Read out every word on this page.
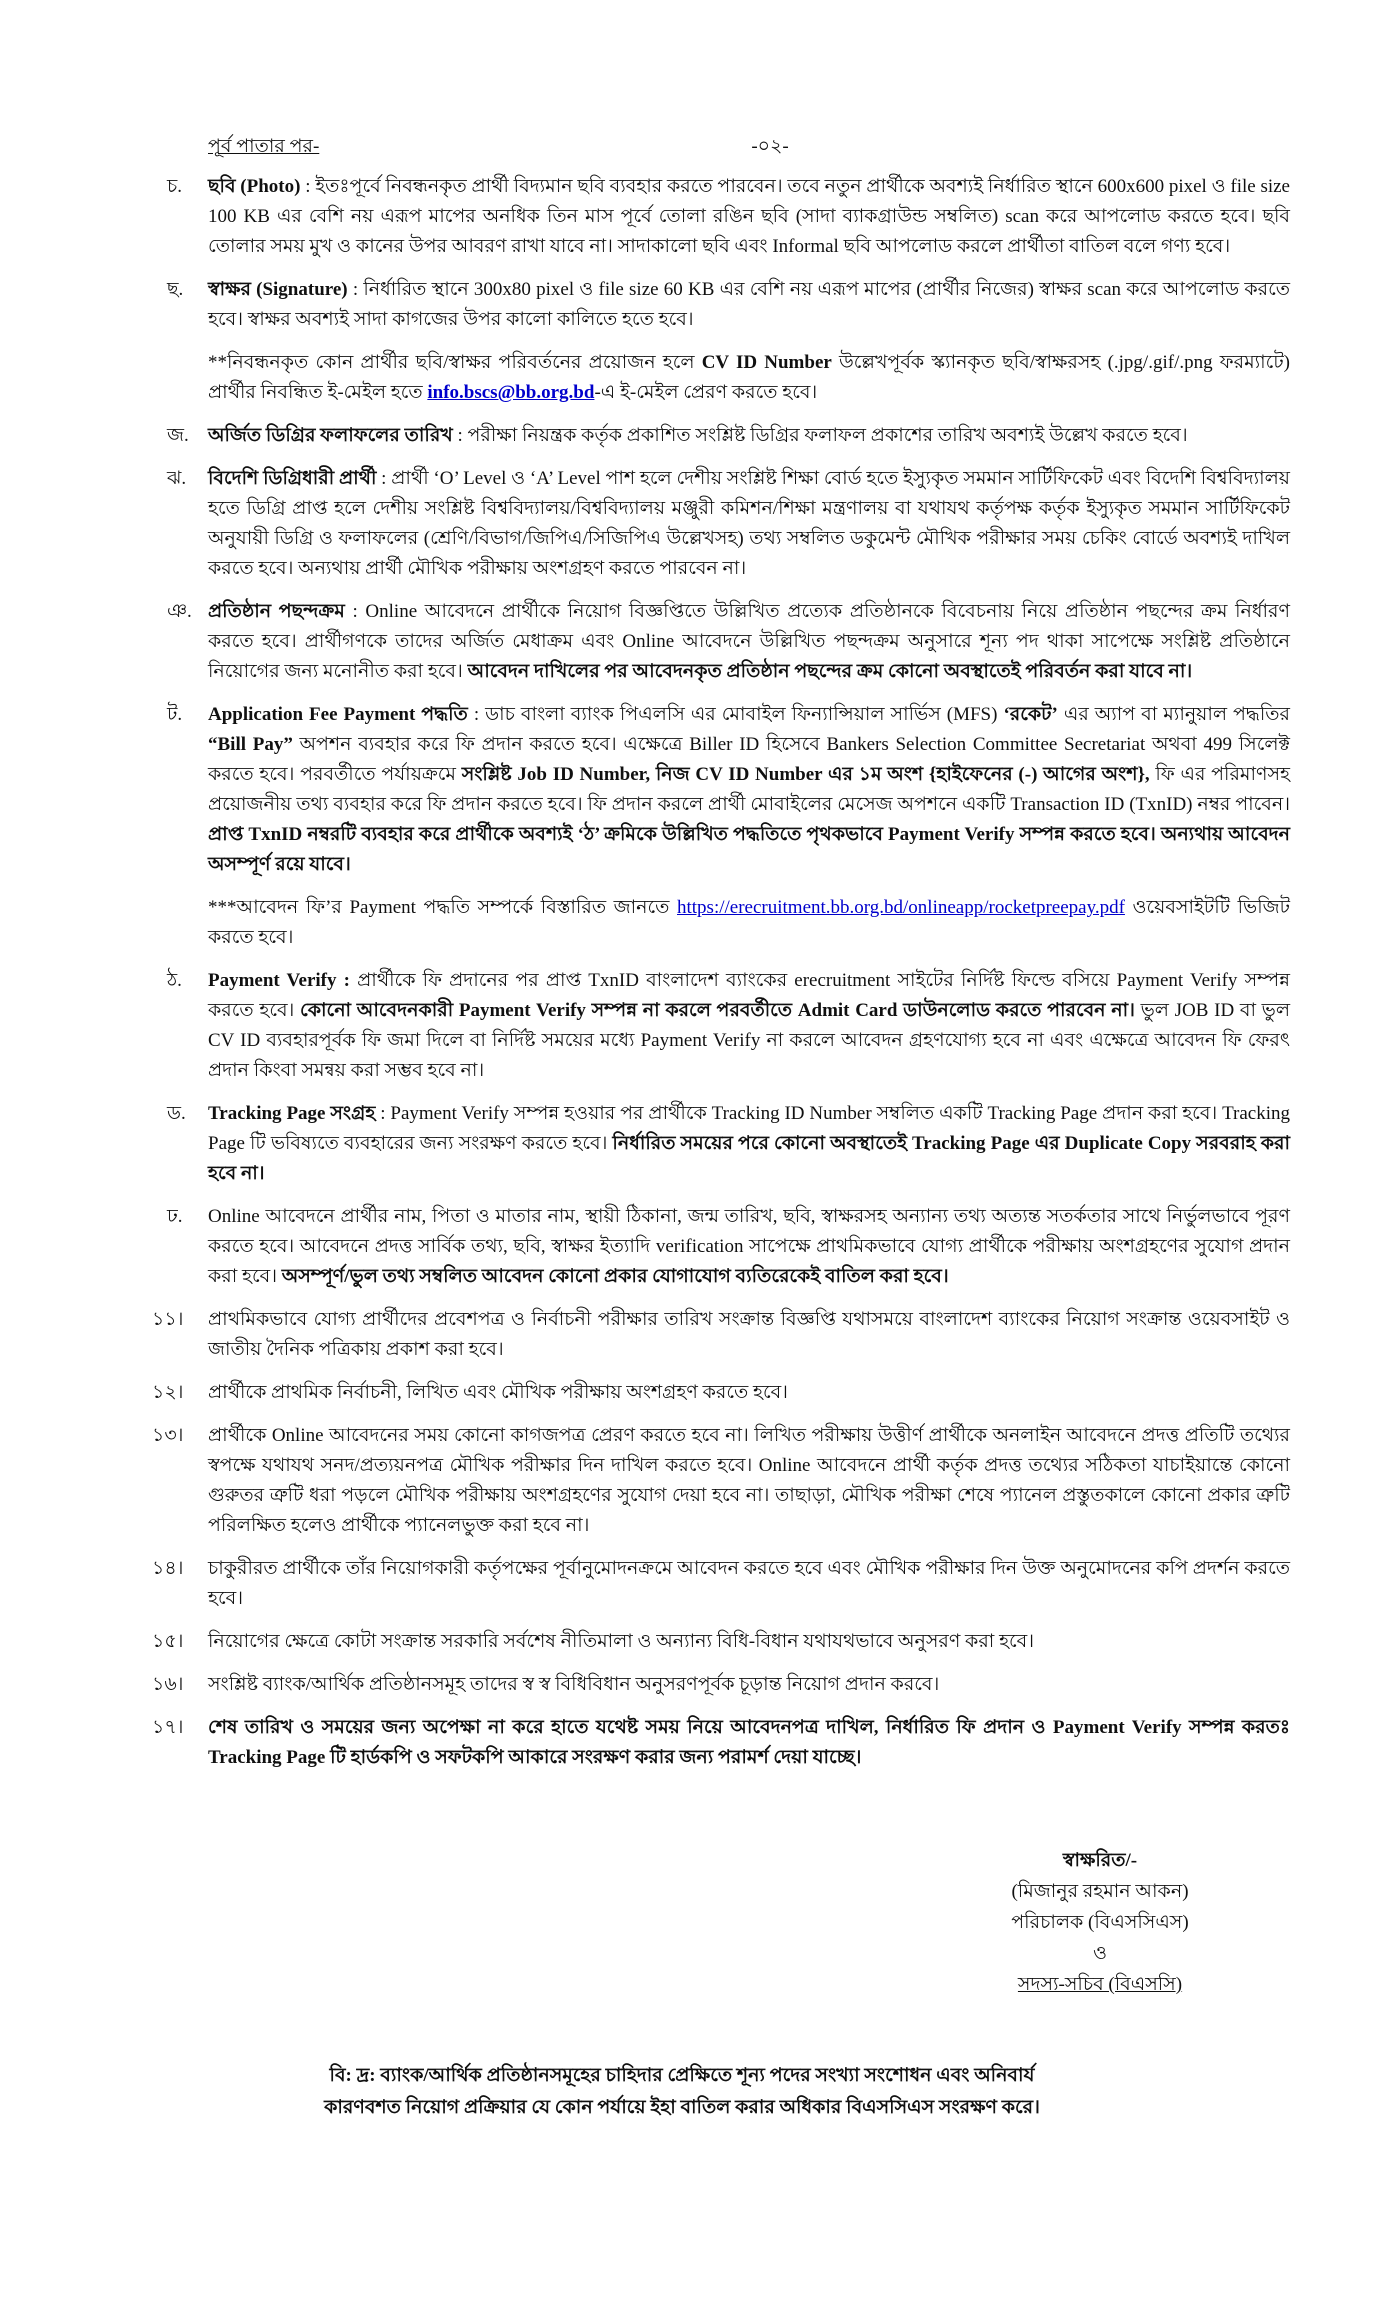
পূর্ব পাতার পর-	-০২-
চ.	ছবি (Photo) : ইতঃপূর্বে নিবন্ধনকৃত প্রার্থী বিদ্যমান ছবি ব্যবহার করতে পারবেন। তবে নতুন প্রার্থীকে অবশ্যই নির্ধারিত স্থানে 600x600 pixel ও file size 100 KB এর বেশি নয় এরূপ মাপের অনধিক তিন মাস পূর্বে তোলা রঙিন ছবি (সাদা ব্যাকগ্রাউন্ড সম্বলিত) scan করে আপলোড করতে হবে। ছবি তোলার সময় মুখ ও কানের উপর আবরণ রাখা যাবে না। সাদাকালো ছবি এবং Informal ছবি আপলোড করলে প্রার্থীতা বাতিল বলে গণ্য হবে।
ছ.	স্বাক্ষর (Signature) : নির্ধারিত স্থানে 300x80 pixel ও file size 60 KB এর বেশি নয় এরূপ মাপের (প্রার্থীর নিজের) স্বাক্ষর scan করে আপলোড করতে হবে। স্বাক্ষর অবশ্যই সাদা কাগজের উপর কালো কালিতে হতে হবে।
**নিবন্ধনকৃত কোন প্রার্থীর ছবি/স্বাক্ষর পরিবর্তনের প্রয়োজন হলে CV ID Number উল্লেখপূর্বক স্ক্যানকৃত ছবি/স্বাক্ষরসহ (.jpg/.gif/.png ফরম্যাটে) প্রার্থীর নিবন্ধিত ই-মেইল হতে info.bscs@bb.org.bd-এ ই-মেইল প্রেরণ করতে হবে।
জ.	অর্জিত ডিগ্রির ফলাফলের তারিখ : পরীক্ষা নিয়ন্ত্রক কর্তৃক প্রকাশিত সংশ্লিষ্ট ডিগ্রির ফলাফল প্রকাশের তারিখ অবশ্যই উল্লেখ করতে হবে।
ঝ.	বিদেশি ডিগ্রিধারী প্রার্থী : প্রার্থী ‘O’ Level ও ‘A’ Level পাশ হলে দেশীয় সংশ্লিষ্ট শিক্ষা বোর্ড হতে ইস্যুকৃত সমমান সার্টিফিকেট এবং বিদেশি বিশ্ববিদ্যালয় হতে ডিগ্রি প্রাপ্ত হলে দেশীয় সংশ্লিষ্ট বিশ্ববিদ্যালয়/বিশ্ববিদ্যালয় মঞ্জুরী কমিশন/শিক্ষা মন্ত্রণালয় বা যথাযথ কর্তৃপক্ষ কর্তৃক ইস্যুকৃত সমমান সার্টিফিকেট অনুযায়ী ডিগ্রি ও ফলাফলের (শ্রেণি/বিভাগ/জিপিএ/সিজিপিএ উল্লেখসহ) তথ্য সম্বলিত ডকুমেন্ট মৌখিক পরীক্ষার সময় চেকিং বোর্ডে অবশ্যই দাখিল করতে হবে। অন্যথায় প্রার্থী মৌখিক পরীক্ষায় অংশগ্রহণ করতে পারবেন না।
ঞ. প্রতিষ্ঠান পছন্দক্রম : Online আবেদনে প্রার্থীকে নিয়োগ বিজ্ঞপ্তিতে উল্লিখিত প্রত্যেক প্রতিষ্ঠানকে বিবেচনায় নিয়ে প্রতিষ্ঠান পছন্দের ক্রম নির্ধারণ করতে হবে। প্রার্থীগণকে তাদের অর্জিত মেধাক্রম এবং Online আবেদনে উল্লিখিত পছন্দক্রম অনুসারে শূন্য পদ থাকা সাপেক্ষে সংশ্লিষ্ট প্রতিষ্ঠানে নিয়োগের জন্য মনোনীত করা হবে। আবেদন দাখিলের পর আবেদনকৃত প্রতিষ্ঠান পছন্দের ক্রম কোনো অবস্থাতেই পরিবর্তন করা যাবে না।
ট.	Application Fee Payment পদ্ধতি : ডাচ বাংলা ব্যাংক পিএলসি এর মোবাইল ফিন্যান্সিয়াল সার্ভিস (MFS) ‘রকেট’ এর অ্যাপ বা ম্যানুয়াল পদ্ধতির “Bill Pay” অপশন ব্যবহার করে ফি প্রদান করতে হবে। এক্ষেত্রে Biller ID হিসেবে Bankers Selection Committee Secretariat অথবা 499 সিলেক্ট করতে হবে। পরবর্তীতে পর্যায়ক্রমে সংশ্লিষ্ট Job ID Number, নিজ CV ID Number এর ১ম অংশ {হাইফেনের (-) আগের অংশ}, ফি এর পরিমাণসহ প্রয়োজনীয় তথ্য ব্যবহার করে ফি প্রদান করতে হবে। ফি প্রদান করলে প্রার্থী মোবাইলের মেসেজ অপশনে একটি Transaction ID (TxnID) নম্বর পাবেন। প্রাপ্ত TxnID নম্বরটি ব্যবহার করে প্রার্থীকে অবশ্যই ‘ঠ’ ক্রমিকে উল্লিখিত পদ্ধতিতে পৃথকভাবে Payment Verify সম্পন্ন করতে হবে। অন্যথায় আবেদন অসম্পূর্ণ রয়ে যাবে।
***আবেদন ফি’র Payment পদ্ধতি সম্পর্কে বিস্তারিত জানতে https://erecruitment.bb.org.bd/onlineapp/rocketpreepay.pdf ওয়েবসাইটটি ভিজিট করতে হবে।
ঠ.	Payment Verify : প্রার্থীকে ফি প্রদানের পর প্রাপ্ত TxnID বাংলাদেশ ব্যাংকের erecruitment সাইটের নির্দিষ্ট ফিল্ডে বসিয়ে Payment Verify সম্পন্ন করতে হবে। কোনো আবেদনকারী Payment Verify সম্পন্ন না করলে পরবর্তীতে Admit Card ডাউনলোড করতে পারবেন না। ভুল JOB ID বা ভুল CV ID ব্যবহারপূর্বক ফি জমা দিলে বা নির্দিষ্ট সময়ের মধ্যে Payment Verify না করলে আবেদন গ্রহণযোগ্য হবে না এবং এক্ষেত্রে আবেদন ফি ফেরৎ প্রদান কিংবা সমন্বয় করা সম্ভব হবে না।
ড.	Tracking Page সংগ্রহ : Payment Verify সম্পন্ন হওয়ার পর প্রার্থীকে Tracking ID Number সম্বলিত একটি Tracking Page প্রদান করা হবে। Tracking Page টি ভবিষ্যতে ব্যবহারের জন্য সংরক্ষণ করতে হবে। নির্ধারিত সময়ের পরে কোনো অবস্থাতেই Tracking Page এর Duplicate Copy সরবরাহ করা হবে না।
ঢ.	Online আবেদনে প্রার্থীর নাম, পিতা ও মাতার নাম, স্থায়ী ঠিকানা, জন্ম তারিখ, ছবি, স্বাক্ষরসহ অন্যান্য তথ্য অত্যন্ত সতর্কতার সাথে নির্ভুলভাবে পূরণ করতে হবে। আবেদনে প্রদত্ত সার্বিক তথ্য, ছবি, স্বাক্ষর ইত্যাদি verification সাপেক্ষে প্রাথমিকভাবে যোগ্য প্রার্থীকে পরীক্ষায় অংশগ্রহণের সুযোগ প্রদান করা হবে। অসম্পূর্ণ/ভুল তথ্য সম্বলিত আবেদন কোনো প্রকার যোগাযোগ ব্যতিরেকেই বাতিল করা হবে।
১১।	প্রাথমিকভাবে যোগ্য প্রার্থীদের প্রবেশপত্র ও নির্বাচনী পরীক্ষার তারিখ সংক্রান্ত বিজ্ঞপ্তি যথাসময়ে বাংলাদেশ ব্যাংকের নিয়োগ সংক্রান্ত ওয়েবসাইট ও জাতীয় দৈনিক পত্রিকায় প্রকাশ করা হবে।
১২।	প্রার্থীকে প্রাথমিক নির্বাচনী, লিখিত এবং মৌখিক পরীক্ষায় অংশগ্রহণ করতে হবে।
১৩।	প্রার্থীকে Online আবেদনের সময় কোনো কাগজপত্র প্রেরণ করতে হবে না। লিখিত পরীক্ষায় উত্তীর্ণ প্রার্থীকে অনলাইন আবেদনে প্রদত্ত প্রতিটি তথ্যের স্বপক্ষে যথাযথ সনদ/প্রত্যয়নপত্র মৌখিক পরীক্ষার দিন দাখিল করতে হবে। Online আবেদনে প্রার্থী কর্তৃক প্রদত্ত তথ্যের সঠিকতা যাচাইয়ান্তে কোনো গুরুতর ত্রুটি ধরা পড়লে মৌখিক পরীক্ষায় অংশগ্রহণের সুযোগ দেয়া হবে না। তাছাড়া, মৌখিক পরীক্ষা শেষে প্যানেল প্রস্তুতকালে কোনো প্রকার ত্রুটি পরিলক্ষিত হলেও প্রার্থীকে প্যানেলভুক্ত করা হবে না।
১৪।	চাকুরীরত প্রার্থীকে তাঁর নিয়োগকারী কর্তৃপক্ষের পূর্বানুমোদনক্রমে আবেদন করতে হবে এবং মৌখিক পরীক্ষার দিন উক্ত অনুমোদনের কপি প্রদর্শন করতে হবে।
১৫।	নিয়োগের ক্ষেত্রে কোটা সংক্রান্ত সরকারি সর্বশেষ নীতিমালা ও অন্যান্য বিধি-বিধান যথাযথভাবে অনুসরণ করা হবে।
১৬।	সংশ্লিষ্ট ব্যাংক/আর্থিক প্রতিষ্ঠানসমূহ তাদের স্ব স্ব বিধিবিধান অনুসরণপূর্বক চূড়ান্ত নিয়োগ প্রদান করবে।
১৭।	শেষ তারিখ ও সময়ের জন্য অপেক্ষা না করে হাতে যথেষ্ট সময় নিয়ে আবেদনপত্র দাখিল, নির্ধারিত ফি প্রদান ও Payment Verify সম্পন্ন করতঃ Tracking Page টি হার্ডকপি ও সফটকপি আকারে সংরক্ষণ করার জন্য পরামর্শ দেয়া যাচ্ছে।
স্বাক্ষরিত/-
(মিজানুর রহমান আকন)
পরিচালক (বিএসসিএস)
ও
সদস্য-সচিব (বিএসসি)
বি: দ্র: ব্যাংক/আর্থিক প্রতিষ্ঠানসমূহের চাহিদার প্রেক্ষিতে শূন্য পদের সংখ্যা সংশোধন এবং অনিবার্য
কারণবশত নিয়োগ প্রক্রিয়ার যে কোন পর্যায়ে ইহা বাতিল করার অধিকার বিএসসিএস সংরক্ষণ করে।
